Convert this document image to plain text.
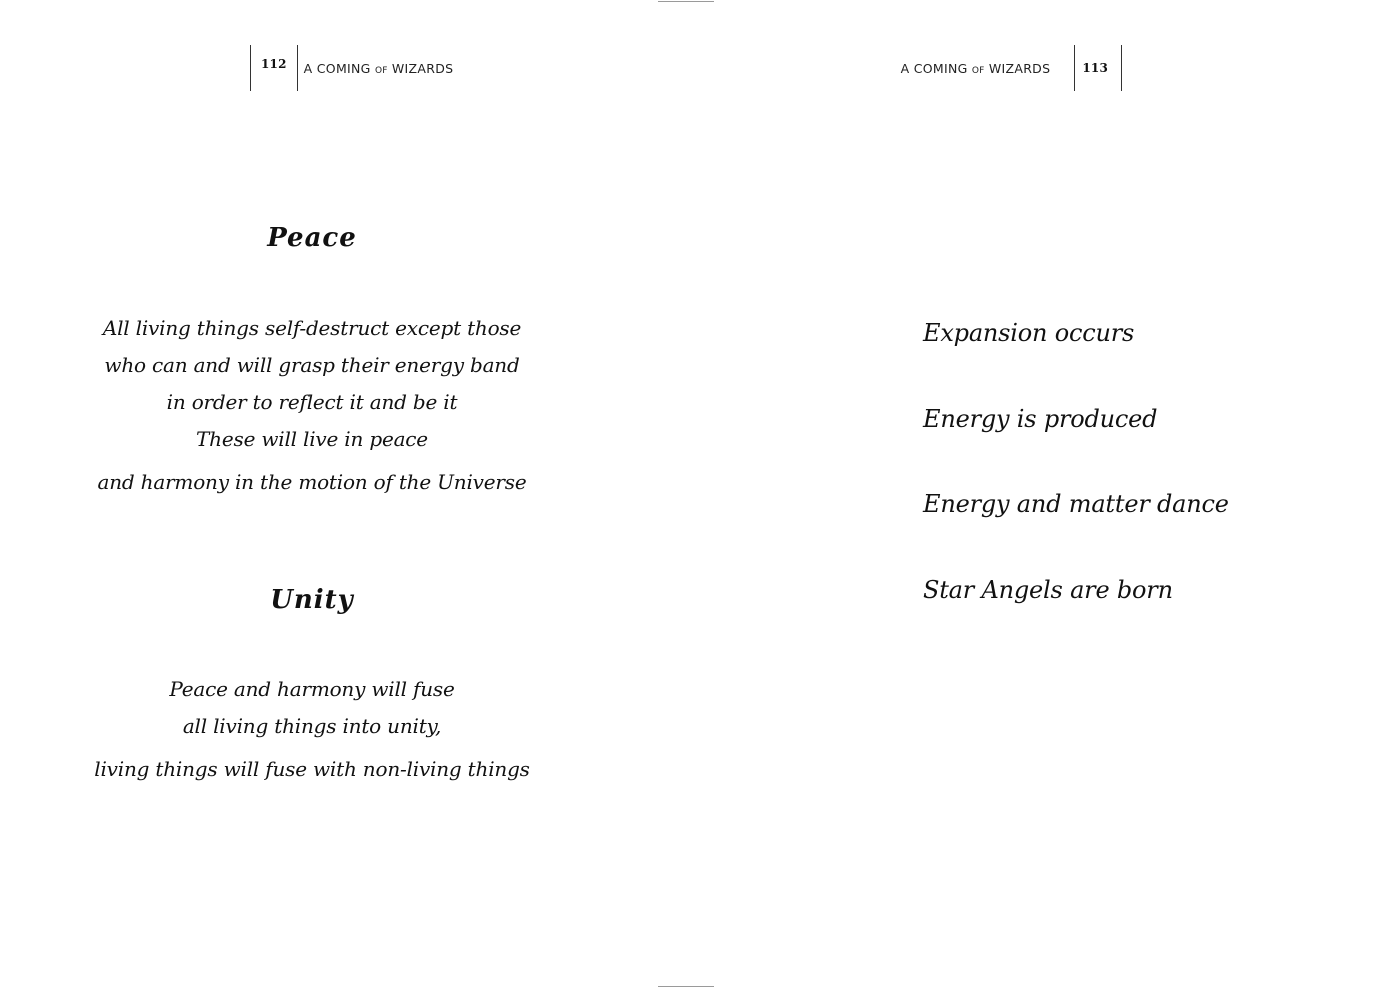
112 A COMING OF WIZARDS
Peace
All living things self-destruct except those
who can and will grasp their energy band
in order to reflect it and be it
These will live in peace
and harmony in the motion of the Universe
Unity
Peace and harmony will fuse
all living things into unity,
living things will fuse with non-living things
A COMING OF WIZARDS	113
Expansion occurs
Energy is produced
Energy and matter dance
Star Angels are born
